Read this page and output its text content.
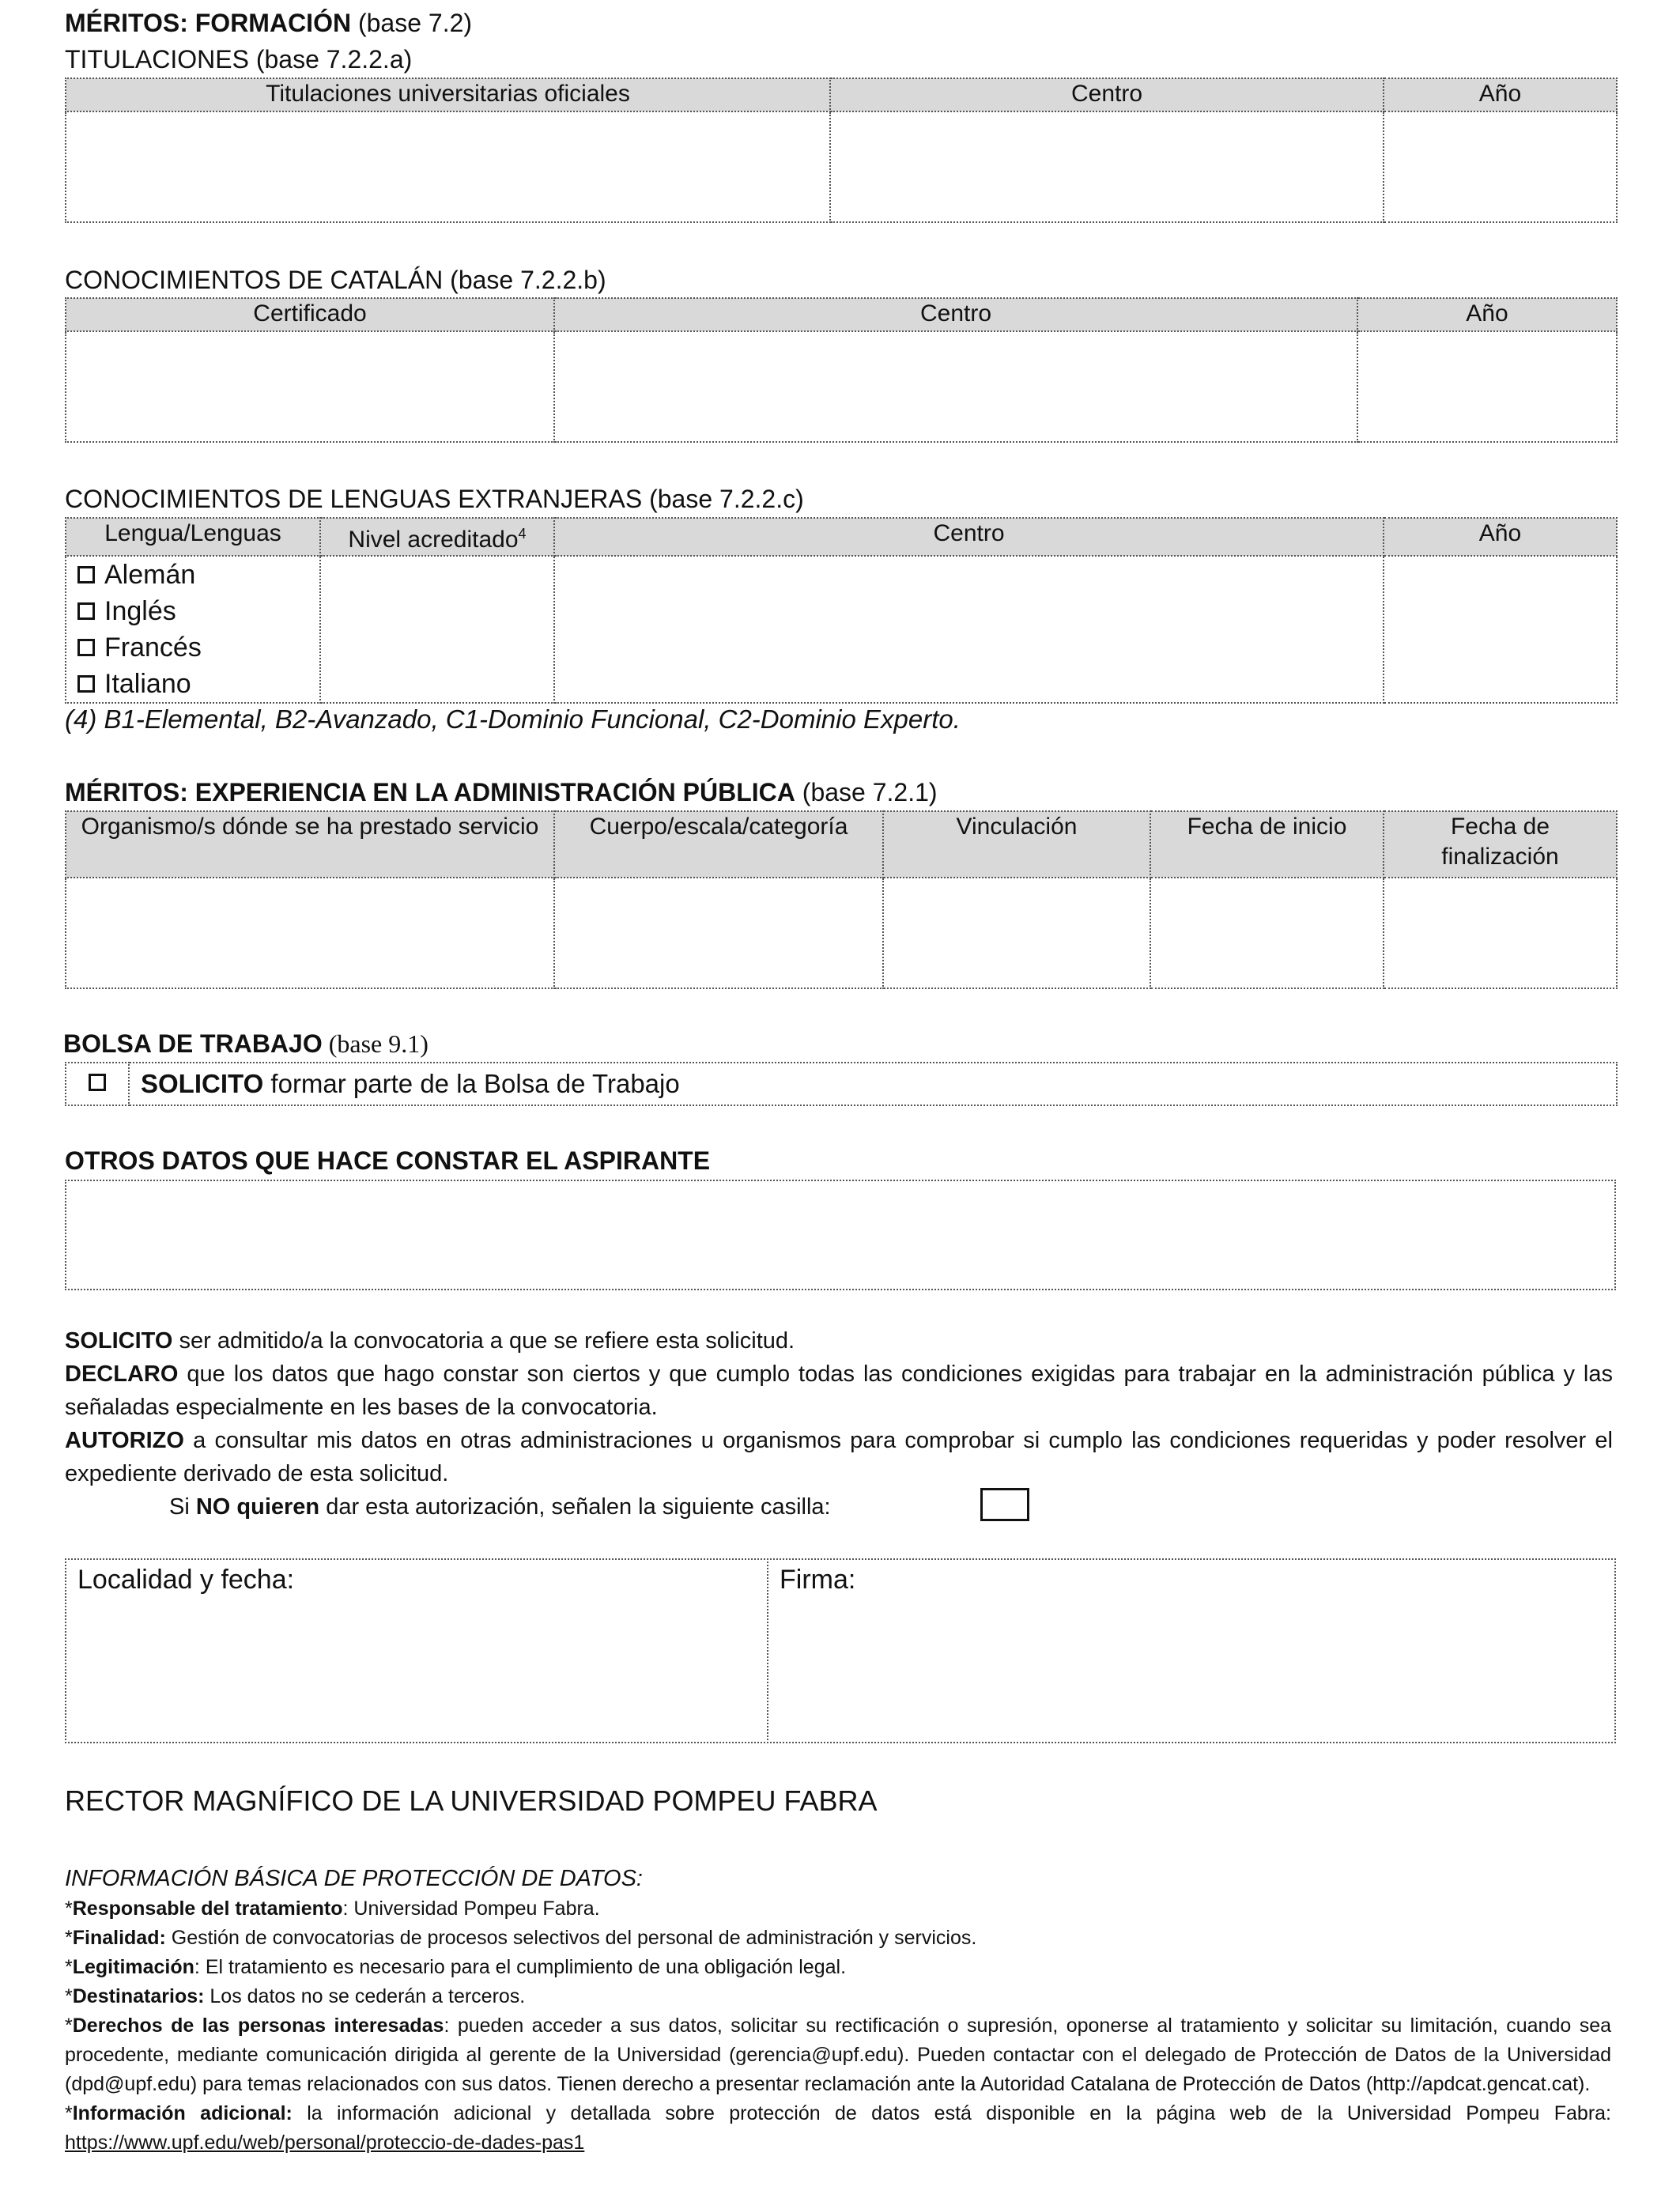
MÉRITOS: FORMACIÓN (base 7.2)
TITULACIONES (base 7.2.2.a)
Titulaciones universitarias oficiales	Centro	Año

CONOCIMIENTOS DE CATALÁN (base 7.2.2.b)
Certificado	Centro	Año

CONOCIMIENTOS DE LENGUAS EXTRANJERAS (base 7.2.2.c)
Lengua/Lenguas	Nivel acreditado$^4$	Centro	Año

Alemán
Inglés
Francés
Italiano			

(4) B1-Elemental, B2-Avanzado, C1-Dominio Funcional, C2-Dominio Experto.
MÉRITOS: EXPERIENCIA EN LA ADMINISTRACIÓN PÚBLICA (base 7.2.1)
Organismo/s dónde se ha prestado servicio	Cuerpo/escala/categoría	Vinculación	Fecha de inicio	Fecha de finalización

BOLSA DE TRABAJO (base 9.1)
	SOLICITO formar parte de la Bolsa de Trabajo
OTROS DATOS QUE HACE CONSTAR EL ASPIRANTE

SOLICITO ser admitido/a la convocatoria a que se refiere esta solicitud.

DECLARO que los datos que hago constar son ciertos y que cumplo todas las condiciones exigidas para trabajar en la administración pública y las señaladas especialmente en les bases de la convocatoria.

AUTORIZO a consultar mis datos en otras administraciones u organismos para comprobar si cumplo las condiciones requeridas y poder resolver el expediente derivado de esta solicitud.

Si NO quieren dar esta autorización, señalen la siguiente casilla:
Localidad y fecha:	Firma:
RECTOR MAGNÍFICO DE LA UNIVERSIDAD POMPEU FABRA
INFORMACIÓN BÁSICA DE PROTECCIÓN DE DATOS:

*Responsable del tratamiento: Universidad Pompeu Fabra.

*Finalidad: Gestión de convocatorias de procesos selectivos del personal de administración y servicios.

*Legitimación: El tratamiento es necesario para el cumplimiento de una obligación legal.

*Destinatarios: Los datos no se cederán a terceros.

*Derechos de las personas interesadas: pueden acceder a sus datos, solicitar su rectificación o supresión, oponerse al tratamiento y solicitar su limitación, cuando sea procedente, mediante comunicación dirigida al gerente de la Universidad (gerencia@upf.edu). Pueden contactar con el delegado de Protección de Datos de la Universidad (dpd@upf.edu) para temas relacionados con sus datos. Tienen derecho a presentar reclamación ante la Autoridad Catalana de Protección de Datos (http://apdcat.gencat.cat).

*Información adicional: la información adicional y detallada sobre protección de datos está disponible en la página web de la Universidad Pompeu Fabra: https://www.upf.edu/web/personal/proteccio-de-dades-pas1
